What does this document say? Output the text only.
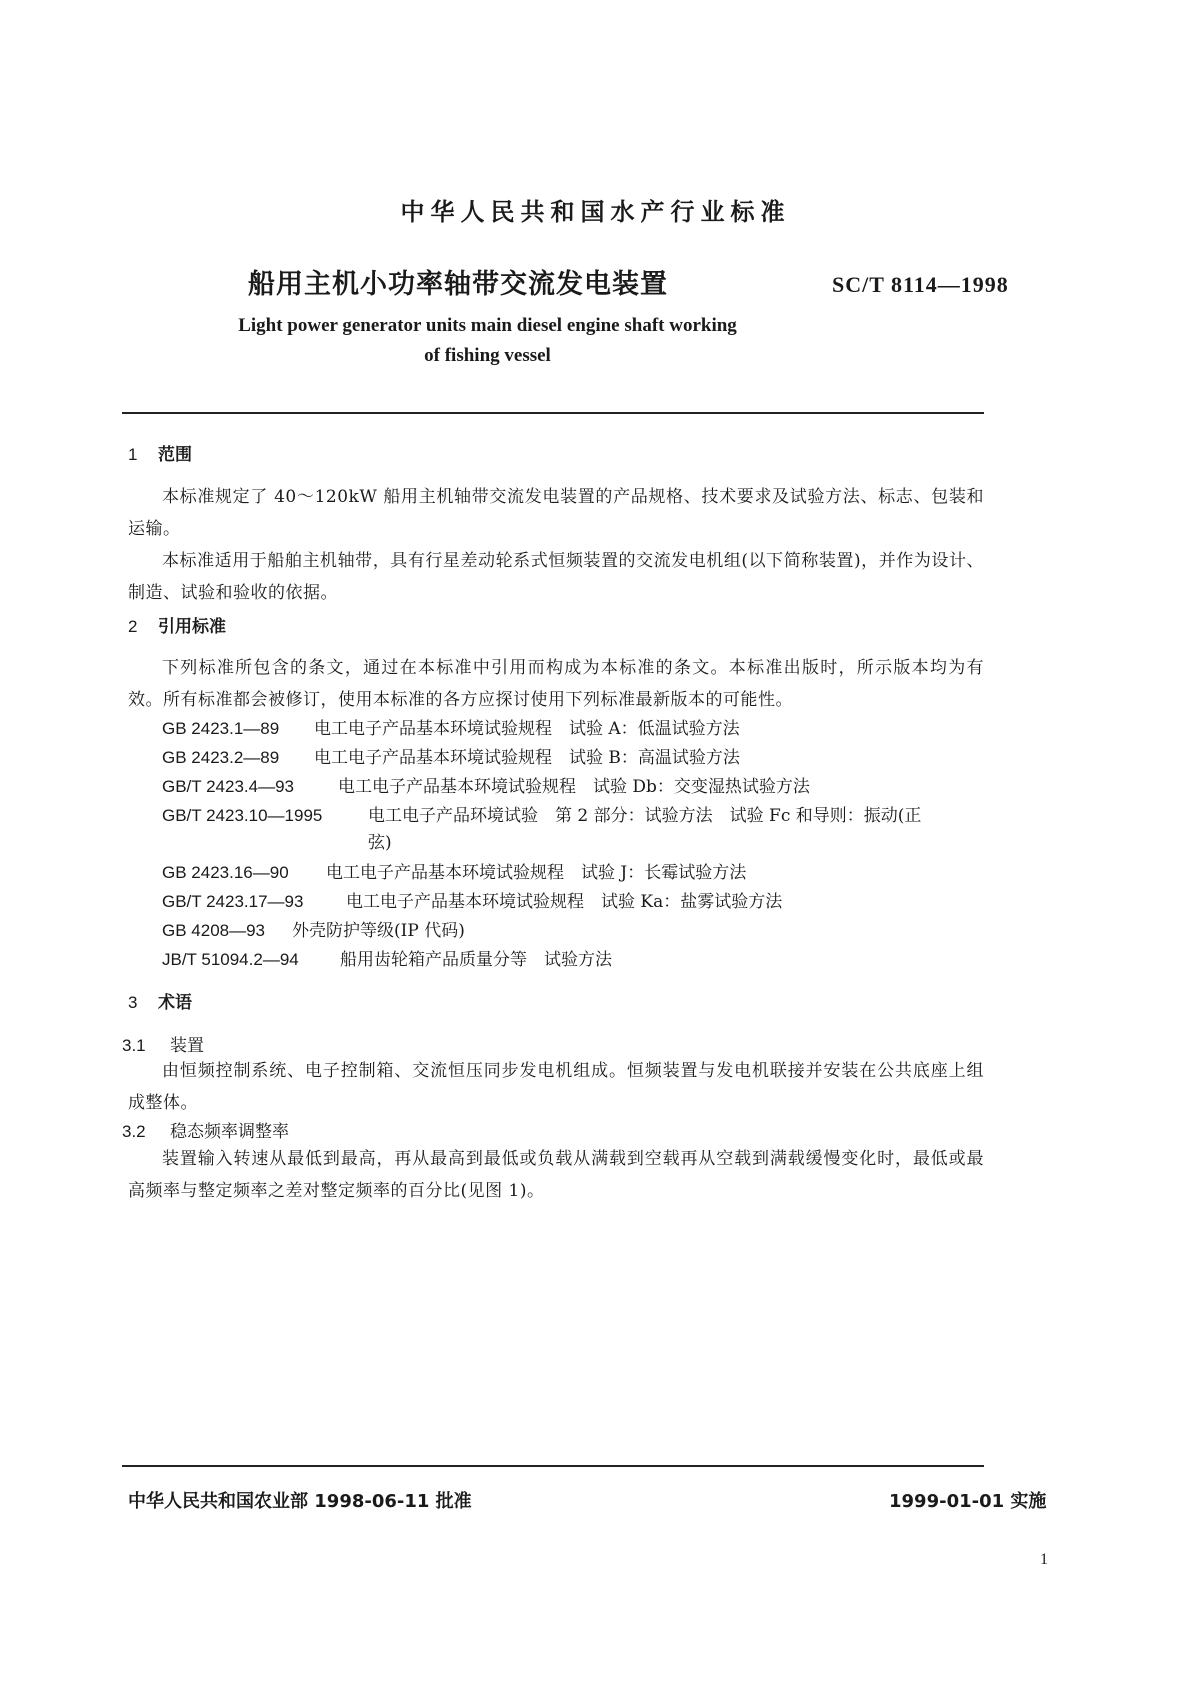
中华人民共和国水产行业标准
船用主机小功率轴带交流发电装置	SC/T 8114—1998
Light power generator units main diesel engine shaft working
of fishing vessel
1 范围
本标准规定了 40～120kW 船用主机轴带交流发电装置的产品规格、技术要求及试验方法、标志、包装和运输。
本标准适用于船舶主机轴带，具有行星差动轮系式恒频装置的交流发电机组(以下简称装置)，并作为设计、制造、试验和验收的依据。
2 引用标准
下列标准所包含的条文，通过在本标准中引用而构成为本标准的条文。本标准出版时，所示版本均为有效。所有标准都会被修订，使用本标准的各方应探讨使用下列标准最新版本的可能性。
GB 2423.1—89 电工电子产品基本环境试验规程　试验 A：低温试验方法
GB 2423.2—89 电工电子产品基本环境试验规程　试验 B：高温试验方法
GB/T 2423.4—93	电工电子产品基本环境试验规程　试验 Db：交变湿热试验方法
GB/T 2423.10—1995	电工电子产品环境试验　第 2 部分：试验方法　试验 Fc 和导则：振动(正
弦)
GB 2423.16—90 电工电子产品基本环境试验规程　试验 J：长霉试验方法
GB/T 2423.17—93	电工电子产品基本环境试验规程　试验 Ka：盐雾试验方法
GB 4208—93 外壳防护等级(IP 代码)
JB/T 51094.2—94 船用齿轮箱产品质量分等　试验方法
3 术语
3.1 装置
由恒频控制系统、电子控制箱、交流恒压同步发电机组成。恒频装置与发电机联接并安装在公共底座上组成整体。
3.2 稳态频率调整率
装置输入转速从最低到最高，再从最高到最低或负载从满载到空载再从空载到满载缓慢变化时，最低或最高频率与整定频率之差对整定频率的百分比(见图 1)。
中华人民共和国农业部 1998-06-11 批准	1999-01-01 实施
1
